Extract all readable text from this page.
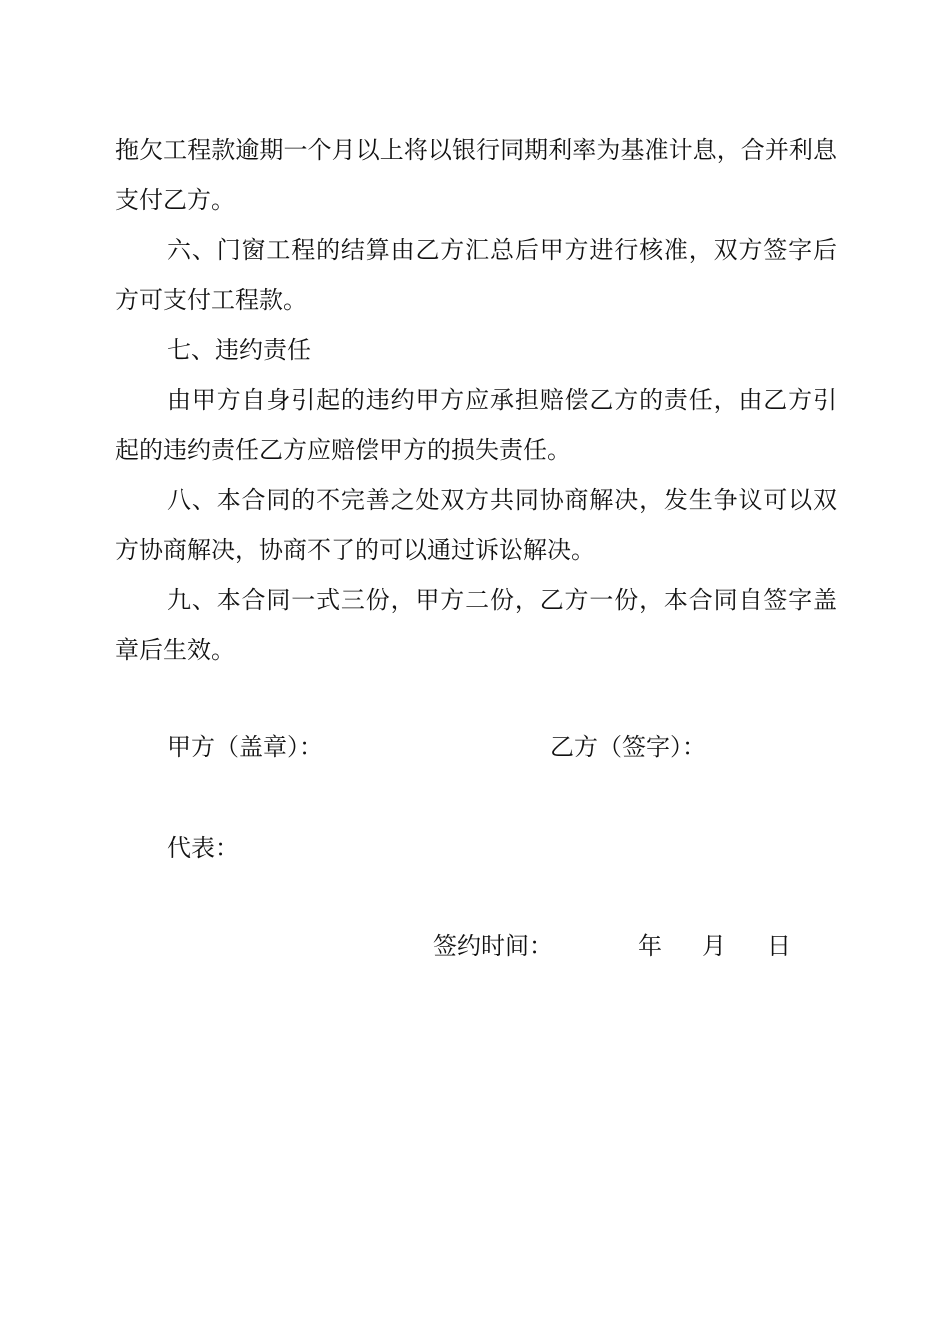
拖欠工程款逾期一个月以上将以银行同期利率为基准计息，合并利息支付乙方。

六、门窗工程的结算由乙方汇总后甲方进行核准，双方签字后方可支付工程款。

七、违约责任

由甲方自身引起的违约甲方应承担赔偿乙方的责任，由乙方引起的违约责任乙方应赔偿甲方的损失责任。

八、本合同的不完善之处双方共同协商解决，发生争议可以双方协商解决，协商不了的可以通过诉讼解决。

九、本合同一式三份，甲方二份，乙方一份，本合同自签字盖章后生效。

甲方（盖章）：	乙方（签字）：
代表：
签约时间：	年 月 日
